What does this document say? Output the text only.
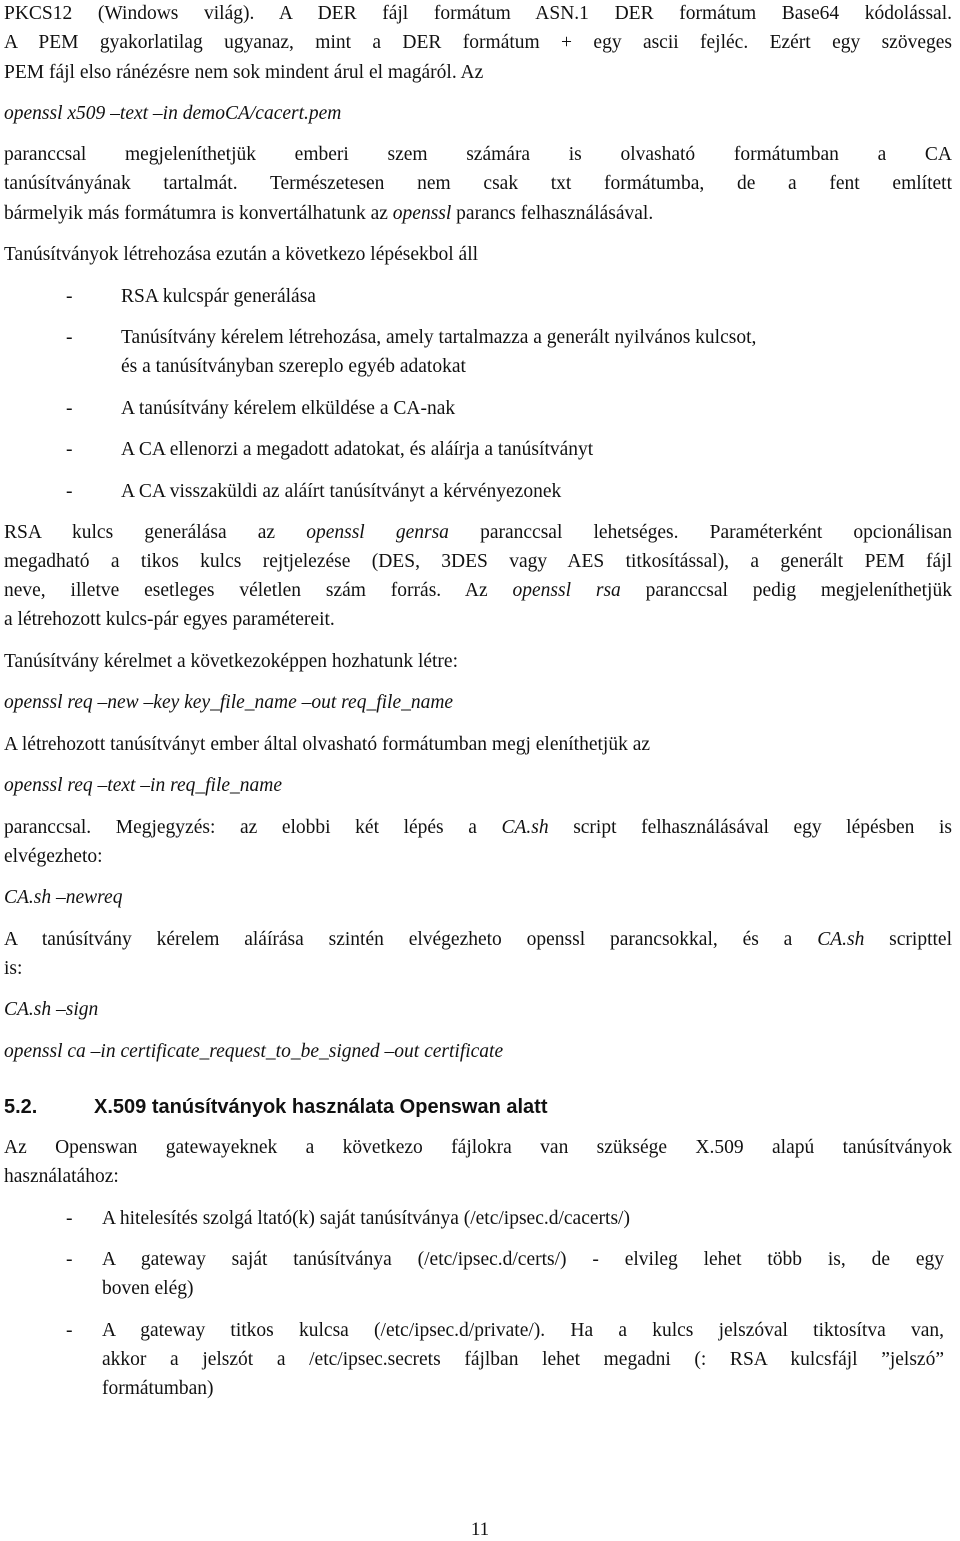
PKCS12 (Windows világ). A DER fájl formátum ASN.1 DER formátum Base64 kódolással.
A PEM gyakorlatilag ugyanaz, mint a DER formátum + egy ascii fejléc. Ezért egy szöveges
PEM fájl elso ránézésre nem sok mindent árul el magáról. Az
openssl x509 –text –in demoCA/cacert.pem
paranccsal megjeleníthetjük emberi szem számára is olvasható formátumban a CA
tanúsítványának tartalmát. Természetesen nem csak txt formátumba, de a fent említett
bármelyik más formátumra is konvertálhatunk az openssl parancs felhasználásával.
Tanúsítványok létrehozása ezután a következo lépésekbol áll
- RSA kulcspár generálása
- Tanúsítvány kérelem létrehozása, amely tartalmazza a generált nyilvános kulcsot,
és a tanúsítványban szereplo egyéb adatokat
- A tanúsítvány kérelem elküldése a CA-nak
- A CA ellenorzi a megadott adatokat, és aláírja a tanúsítványt
- A CA visszaküldi az aláírt tanúsítványt a kérvényezonek
RSA kulcs generálása az openssl genrsa paranccsal lehetséges. Paraméterként opcionálisan
megadható a tikos kulcs rejtjelezése (DES, 3DES vagy AES titkosítással), a generált PEM fájl
neve, illetve esetleges véletlen szám forrás. Az openssl rsa paranccsal pedig megjeleníthetjük
a létrehozott kulcs-pár egyes paramétereit.
Tanúsítvány kérelmet a következoképpen hozhatunk létre:
openssl req –new –key key_file_name –out req_file_name
A létrehozott tanúsítványt ember által olvasható formátumban megj eleníthetjük az
openssl req –text –in req_file_name
paranccsal. Megjegyzés: az elobbi két lépés a CA.sh script felhasználásával egy lépésben is
elvégezheto:
CA.sh –newreq
A tanúsítvány kérelem aláírása szintén elvégezheto openssl parancsokkal, és a CA.sh scripttel
is:
CA.sh –sign
openssl ca –in certificate_request_to_be_signed –out certificate
5.2.	X.509 tanúsítványok használata Openswan alatt
Az Openswan gatewayeknek a következo fájlokra van szüksége X.509 alapú tanúsítványok
használatához:
- A hitelesítés szolgá ltató(k) saját tanúsítványa (/etc/ipsec.d/cacerts/)
- A gateway saját tanúsítványa (/etc/ipsec.d/certs/) - elvileg lehet több is, de egy
boven elég)
- A gateway titkos kulcsa (/etc/ipsec.d/private/). Ha a kulcs jelszóval tiktosítva van,
akkor a jelszót a /etc/ipsec.secrets fájlban lehet megadni (: RSA kulcsfájl ”jelszó”
formátumban)
11
